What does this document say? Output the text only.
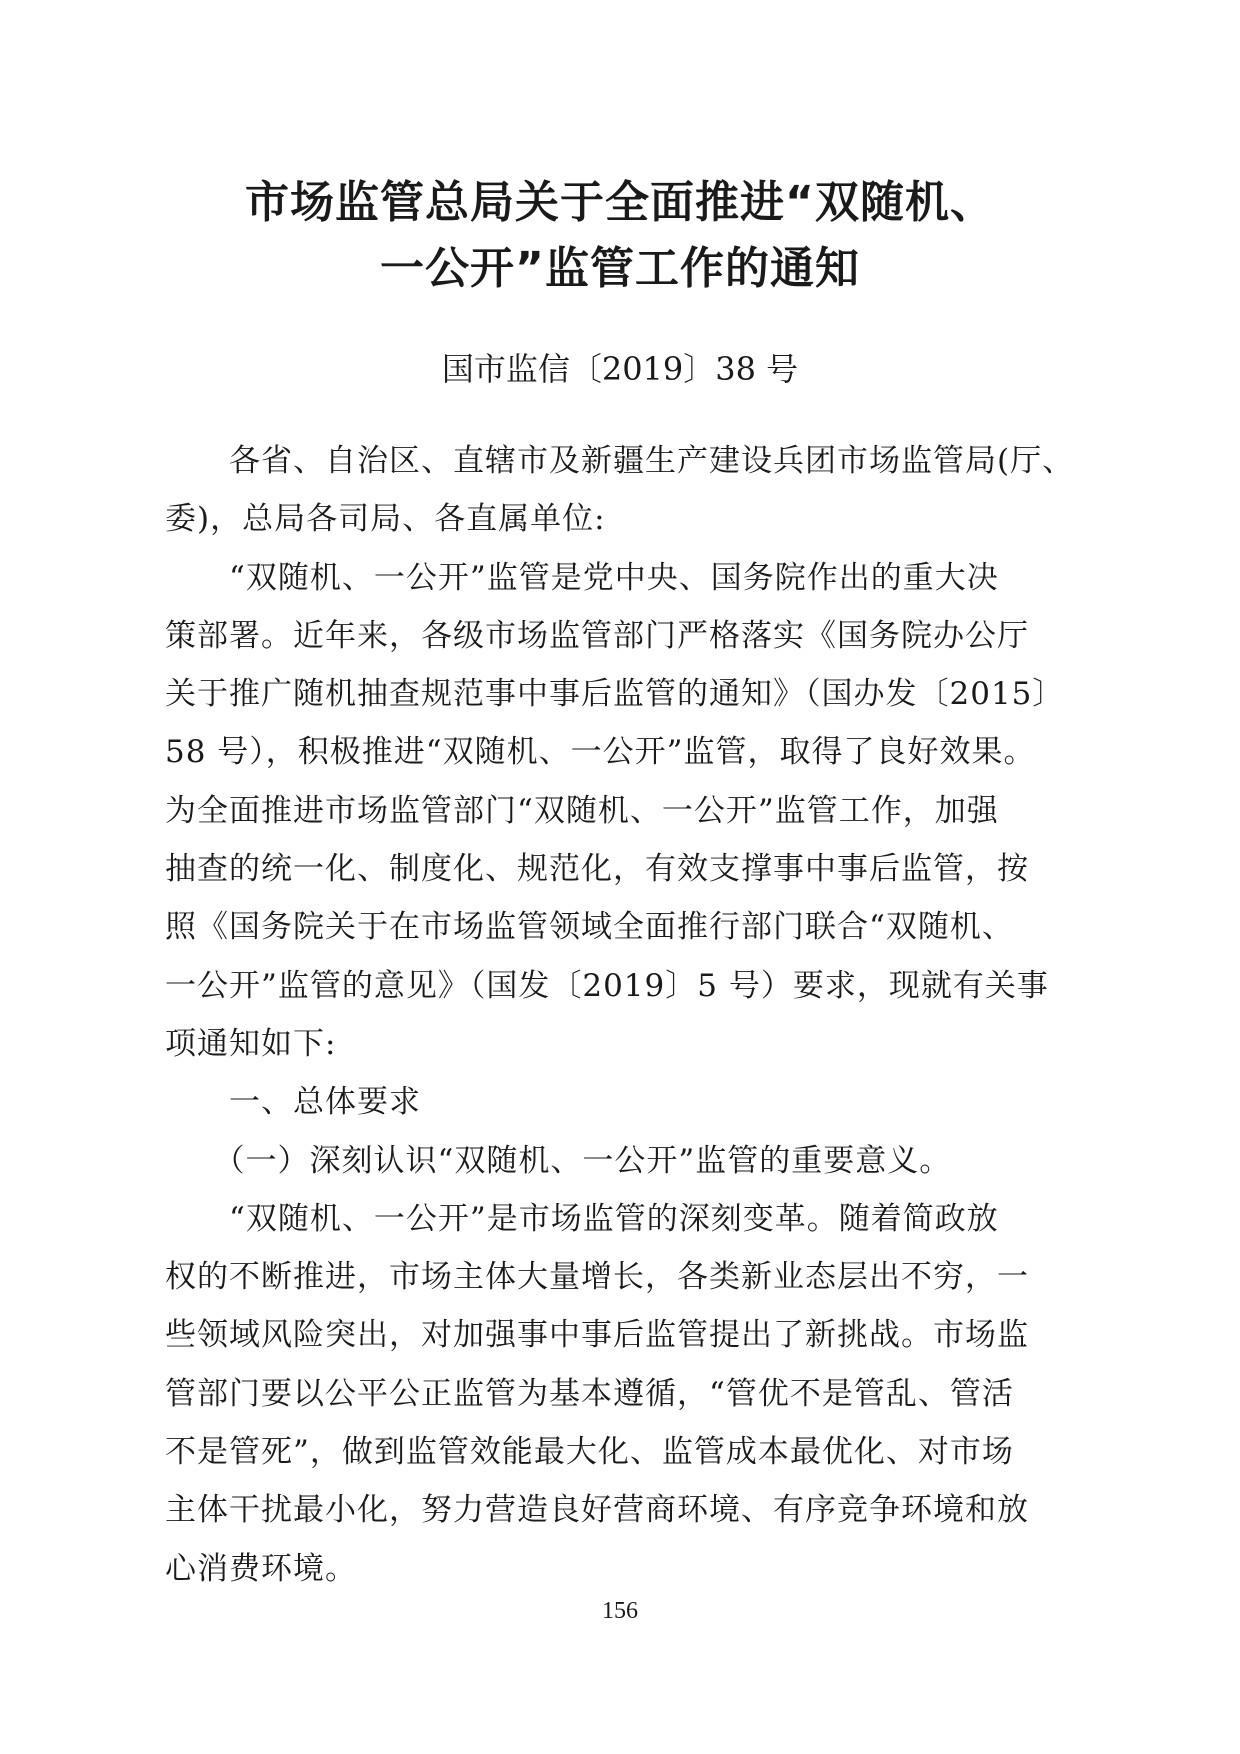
市场监管总局关于全面推进“双随机、
一公开”监管工作的通知
国市监信〔2019〕38 号

　　各省、自治区、直辖市及新疆生产建设兵团市场监管局(厅、

委)，总局各司局、各直属单位:

　　“双随机、一公开”监管是党中央、国务院作出的重大决

策部署。近年来，各级市场监管部门严格落实《国务院办公厅

关于推广随机抽查规范事中事后监管的通知》（国办发〔2015〕

58 号），积极推进“双随机、一公开”监管，取得了良好效果。

为全面推进市场监管部门“双随机、一公开”监管工作，加强

抽查的统一化、制度化、规范化，有效支撑事中事后监管，按

照《国务院关于在市场监管领域全面推行部门联合“双随机、

一公开”监管的意见》（国发〔2019〕5 号）要求，现就有关事

项通知如下:

　　一、总体要求

　　（一）深刻认识“双随机、一公开”监管的重要意义。

　　“双随机、一公开”是市场监管的深刻变革。随着简政放

权的不断推进，市场主体大量增长，各类新业态层出不穷，一

些领域风险突出，对加强事中事后监管提出了新挑战。市场监

管部门要以公平公正监管为基本遵循，“管优不是管乱、管活

不是管死”，做到监管效能最大化、监管成本最优化、对市场

主体干扰最小化，努力营造良好营商环境、有序竞争环境和放

心消费环境。

156
